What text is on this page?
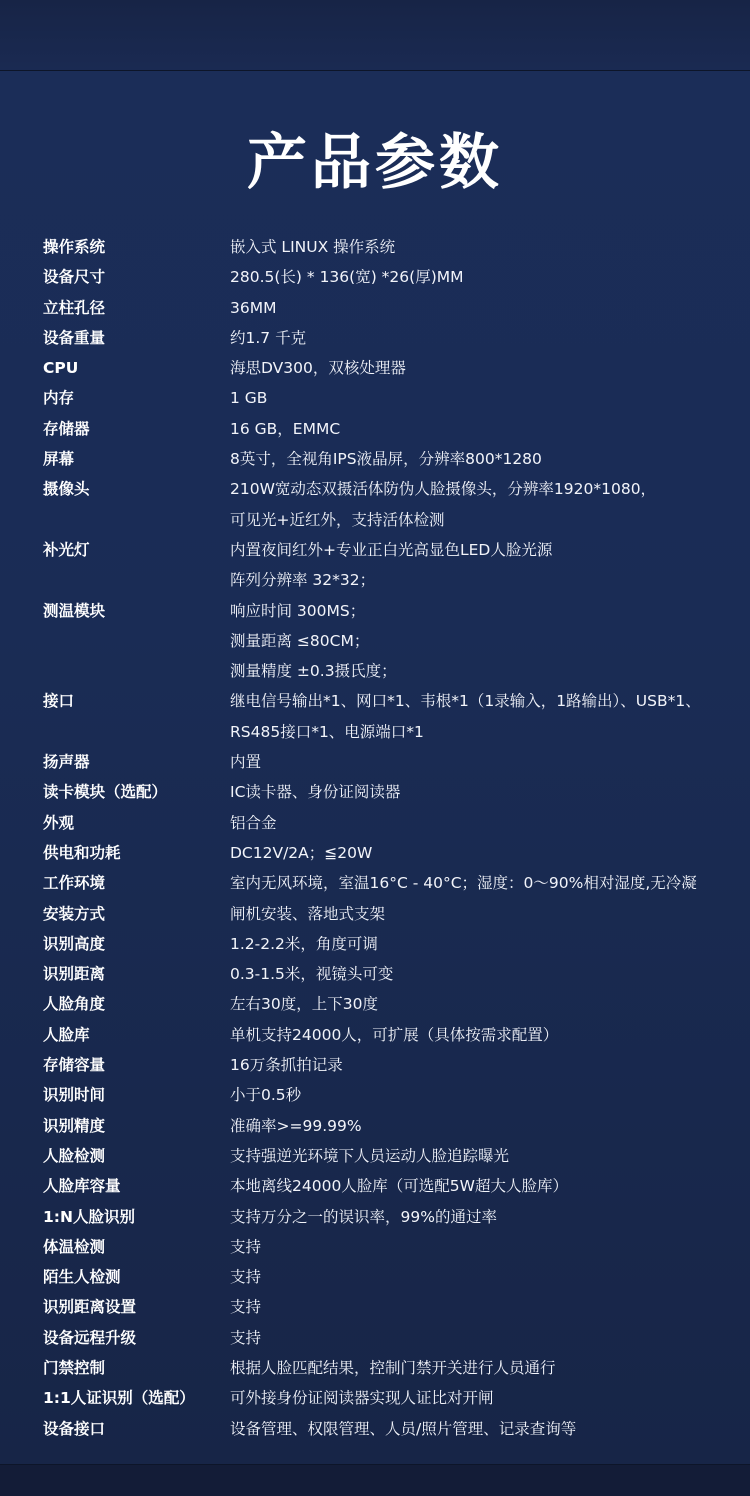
产品参数
操作系统	嵌入式 LINUX 操作系统
设备尺寸	280.5(长) * 136(宽) *26(厚)MM
立柱孔径	36MM
设备重量	约1.7 千克
CPU	海思DV300，双核处理器
内存	1 GB
存储器	16 GB，EMMC
屏幕	8英寸，全视角IPS液晶屏，分辨率800*1280
摄像头	210W宽动态双摄活体防伪人脸摄像头，分辨率1920*1080，
可见光+近红外，支持活体检测
补光灯	内置夜间红外+专业正白光高显色LED人脸光源
阵列分辨率 32*32；
测温模块	响应时间 300MS；
测量距离 ≤80CM；
测量精度 ±0.3摄氏度；
接口	继电信号输出*1、网口*1、韦根*1（1录输入，1路输出）、USB*1、
RS485接口*1、电源端口*1
扬声器	内置
读卡模块（选配）	IC读卡器、身份证阅读器
外观	铝合金
供电和功耗	DC12V/2A；≦20W
工作环境	室内无风环境，室温16°C - 40°C；湿度：0～90%相对湿度,无冷凝
安装方式	闸机安装、落地式支架
识别高度	1.2-2.2米，角度可调
识别距离	0.3-1.5米，视镜头可变
人脸角度	左右30度，上下30度
人脸库	单机支持24000人，可扩展（具体按需求配置）
存储容量	16万条抓拍记录
识别时间	小于0.5秒
识别精度	准确率>=99.99%
人脸检测	支持强逆光环境下人员运动人脸追踪曝光
人脸库容量	本地离线24000人脸库（可选配5W超大人脸库）
1:N人脸识别	支持万分之一的误识率，99%的通过率
体温检测	支持
陌生人检测	支持
识别距离设置	支持
设备远程升级	支持
门禁控制	根据人脸匹配结果，控制门禁开关进行人员通行
1:1人证识别（选配）	可外接身份证阅读器实现人证比对开闸
设备接口	设备管理、权限管理、人员/照片管理、记录查询等
